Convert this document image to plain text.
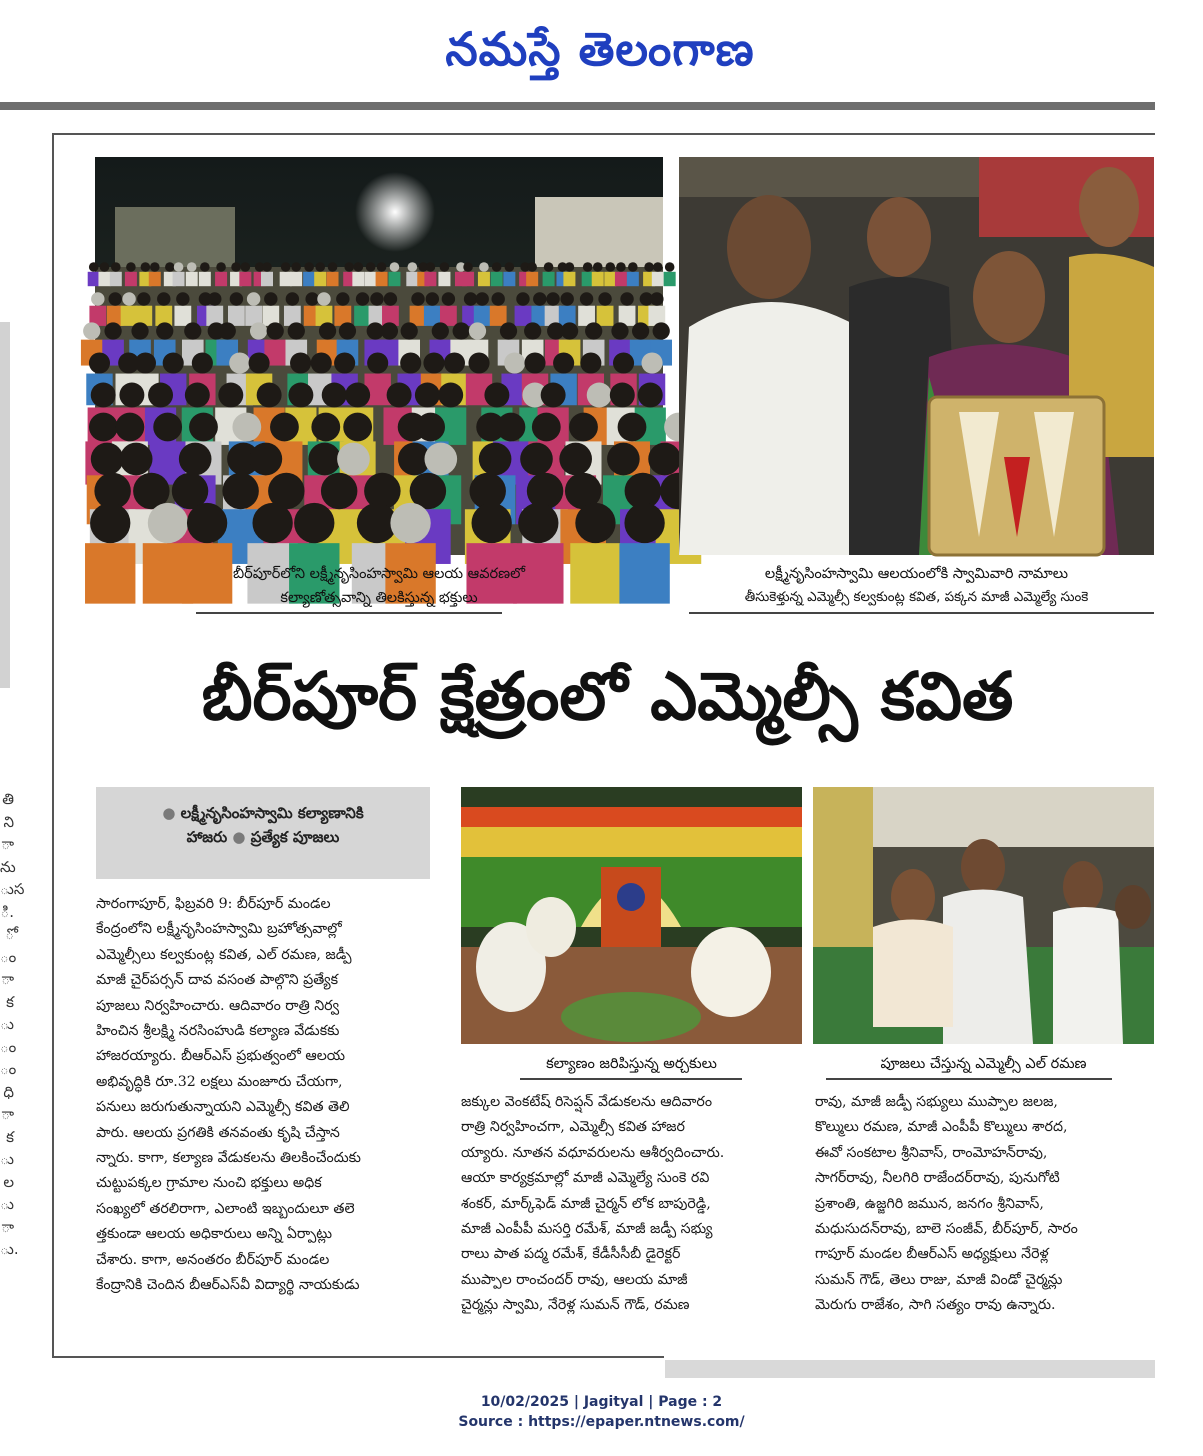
నమస్తే తెలంగాణ
తి
ని
ా
ను
ుస
ి.
ో
ం
ా
క
ు
ం
ం
ధి
ా
క
ు
ల
ు
ా
ు.
బీర్‌పూర్‌లోని లక్ష్మీనృసింహస్వామి ఆలయ ఆవరణలో
కల్యాణోత్సవాన్ని తిలకిస్తున్న భక్తులు
లక్ష్మీనృసింహస్వామి ఆలయంలోకి స్వామివారి నామాలు
తీసుకెళ్తున్న ఎమ్మెల్సీ కల్వకుంట్ల కవిత, పక్కన మాజీ ఎమ్మెల్యే సుంకె
బీర్‌పూర్ క్షేత్రంలో ఎమ్మెల్సీ కవిత
● లక్ష్మీనృసింహస్వామి కల్యాణానికి
హాజరు ● ప్రత్యేక పూజలు
కల్యాణం జరిపిస్తున్న అర్చకులు	పూజలు చేస్తున్న ఎమ్మెల్సీ ఎల్ రమణ
సారంగాపూర్, ఫిబ్రవరి 9: బీర్‌పూర్ మండల
కేంద్రంలోని లక్ష్మీనృసింహస్వామి బ్రహోత్సవాల్లో
ఎమ్మెల్సీలు కల్వకుంట్ల కవిత, ఎల్ రమణ, జడ్పీ
మాజీ చైర్‌పర్సన్ దావ వసంత పాల్గొని ప్రత్యేక
పూజలు నిర్వహించారు. ఆదివారం రాత్రి నిర్వ
హించిన శ్రీలక్ష్మి నరసింహుడి కల్యాణ వేడుకకు
హాజరయ్యారు. బీఆర్‌ఎస్ ప్రభుత్వంలో ఆలయ
అభివృద్ధికి రూ.32 లక్షలు మంజూరు చేయగా,
పనులు జరుగుతున్నాయని ఎమ్మెల్సీ కవిత తెలి
పారు. ఆలయ ప్రగతికి తనవంతు కృషి చేస్తాన
న్నారు. కాగా, కల్యాణ వేడుకలను తిలకించేందుకు
చుట్టుపక్కల గ్రామాల నుంచి భక్తులు అధిక
సంఖ్యలో తరలిరాగా, ఎలాంటి ఇబ్బందులూ తలె
త్తకుండా ఆలయ అధికారులు అన్ని ఏర్పాట్లు
చేశారు. కాగా, అనంతరం బీర్‌పూర్ మండల
కేంద్రానికి చెందిన బీఆర్‌ఎస్‌వీ విద్యార్థి నాయకుడు
జక్కుల వెంకటేష్ రిసెప్షన్ వేడుకలను ఆదివారం
రాత్రి నిర్వహించగా, ఎమ్మెల్సీ కవిత హాజర
య్యారు. నూతన వధూవరులను ఆశీర్వదించారు.
ఆయా కార్యక్రమాల్లో మాజీ ఎమ్మెల్యే సుంకె రవి
శంకర్, మార్క్‌ఫెడ్ మాజీ చైర్మన్ లోక బాపురెడ్డి,
మాజీ ఎంపీపీ మసర్తి రమేశ్, మాజీ జడ్పీ సభ్యు
రాలు పాత పద్మ రమేశ్, కేడీసీసీబీ డైరెక్టర్
ముప్పాల రాంచందర్ రావు, ఆలయ మాజీ
చైర్మన్లు స్వామి, నేరెళ్ల సుమన్ గౌడ్, రమణ
రావు, మాజీ జడ్పీ సభ్యులు ముప్పాల జలజ,
కొల్ములు రమణ, మాజీ ఎంపీపీ కొల్ములు శారద,
ఈవో సంకటాల శ్రీనివాస్, రాంమోహన్‌రావు,
సాగర్‌రావు, నీలగిరి రాజేందర్‌రావు, పునుగోటి
ప్రశాంతి, ఉజ్జగిరి జమున, జనగం శ్రీనివాస్,
మధుసుదన్‌రావు, బాలె సంజీవ్, బీర్‌పూర్, సారం
గాపూర్ మండల బీఆర్‌ఎస్ అధ్యక్షులు నేరెళ్ల
సుమన్ గౌడ్, తెలు రాజు, మాజీ విండో చైర్మన్లు
మెరుగు రాజేశం, సాగి సత్యం రావు ఉన్నారు.
10/02/2025 | Jagityal | Page : 2
Source : https://epaper.ntnews.com/
